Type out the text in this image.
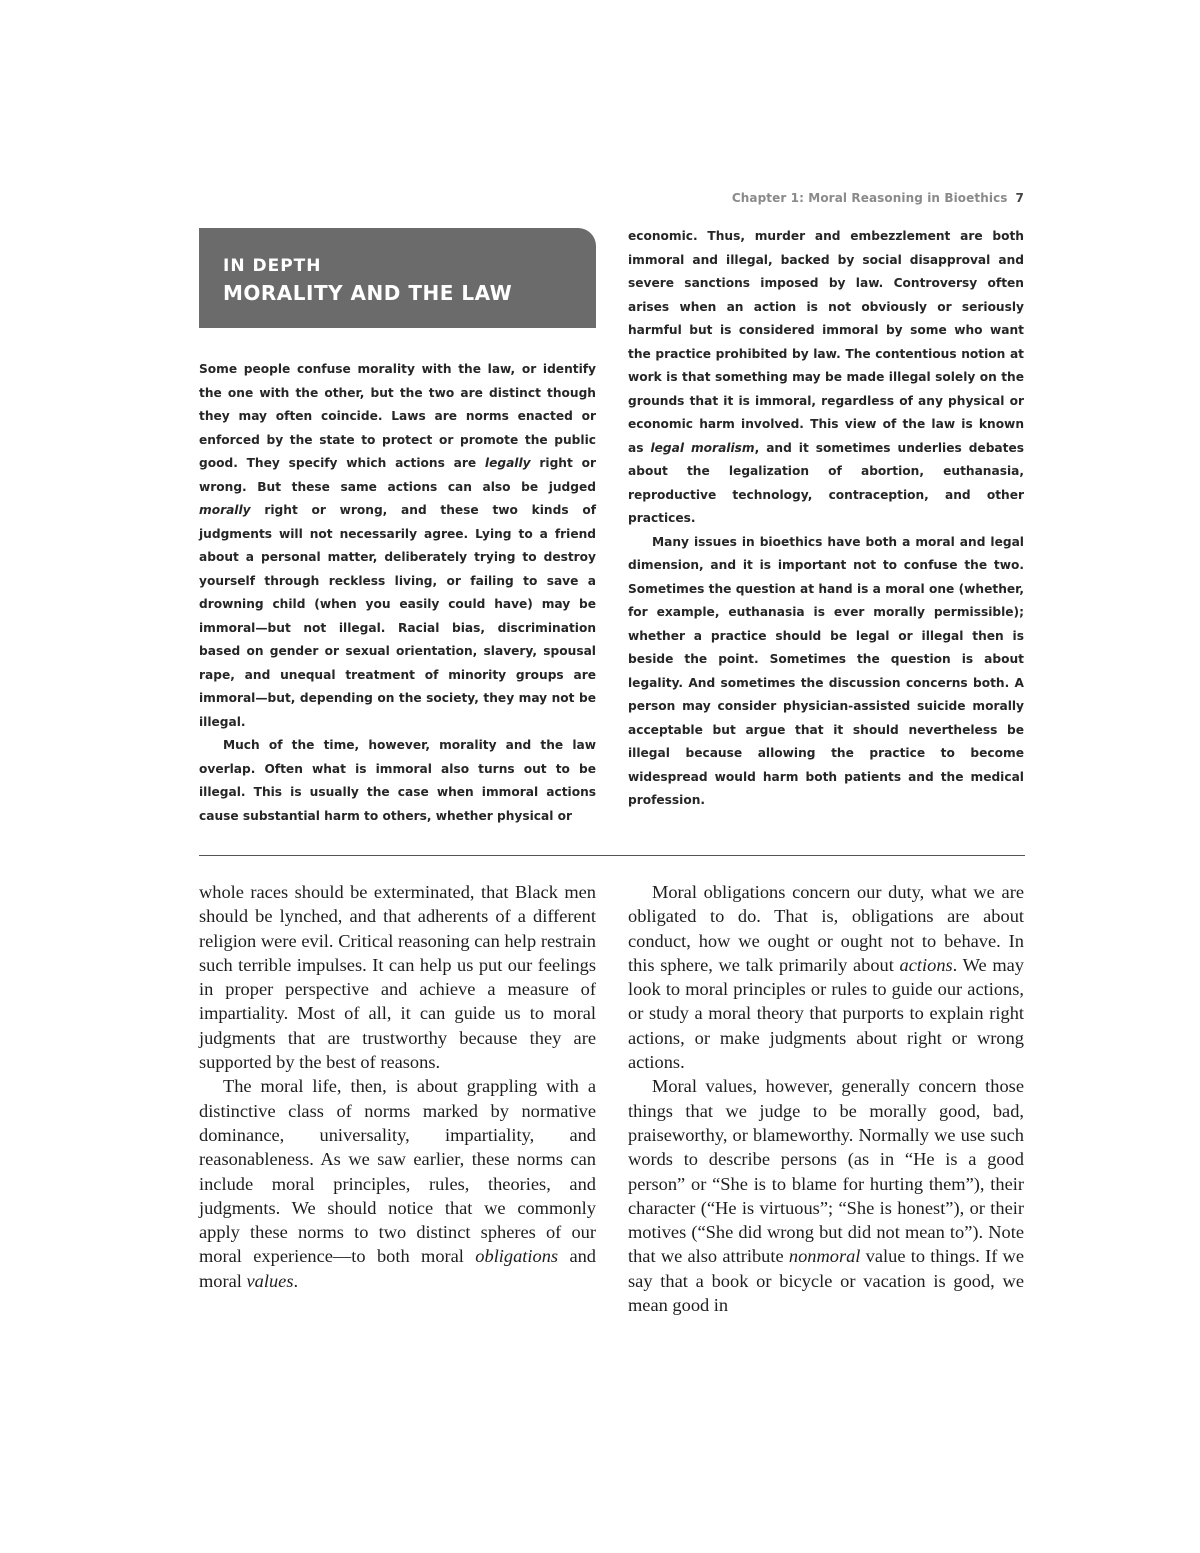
Chapter 1: Moral Reasoning in Bioethics 7
IN DEPTH
MORALITY AND THE LAW

Some people confuse morality with the law, or identify the one with the other, but the two are distinct though they may often coincide. Laws are norms enacted or enforced by the state to protect or promote the public good. They specify which actions are legally right or wrong. But these same actions can also be judged morally right or wrong, and these two kinds of judgments will not necessarily agree. Lying to a friend about a personal matter, deliberately trying to destroy yourself through reckless living, or failing to save a drowning child (when you easily could have) may be immoral—but not illegal. Racial bias, discrimination based on gender or sexual orientation, slavery, spousal rape, and unequal treatment of minority groups are immoral—but, depending on the society, they may not be illegal.

Much of the time, however, morality and the law overlap. Often what is immoral also turns out to be illegal. This is usually the case when immoral actions cause substantial harm to others, whether physical or

economic. Thus, murder and embezzlement are both immoral and illegal, backed by social disapproval and severe sanctions imposed by law. Controversy often arises when an action is not obviously or seriously harmful but is considered immoral by some who want the practice prohibited by law. The contentious notion at work is that something may be made illegal solely on the grounds that it is immoral, regardless of any physical or economic harm involved. This view of the law is known as legal moralism, and it sometimes underlies debates about the legalization of abortion, euthanasia, reproductive technology, contraception, and other practices.

Many issues in bioethics have both a moral and legal dimension, and it is important not to confuse the two. Sometimes the question at hand is a moral one (whether, for example, euthanasia is ever morally permissible); whether a practice should be legal or illegal then is beside the point. Sometimes the question is about legality. And sometimes the discussion concerns both. A person may consider physician-assisted suicide morally acceptable but argue that it should nevertheless be illegal because allowing the practice to become widespread would harm both patients and the medical profession.

whole races should be exterminated, that Black men should be lynched, and that adherents of a different religion were evil. Critical reasoning can help restrain such terrible impulses. It can help us put our feelings in proper perspective and achieve a measure of impartiality. Most of all, it can guide us to moral judgments that are trustworthy because they are supported by the best of reasons.

The moral life, then, is about grappling with a distinctive class of norms marked by normative dominance, universality, impartiality, and reasonableness. As we saw earlier, these norms can include moral principles, rules, theories, and judgments. We should notice that we commonly apply these norms to two distinct spheres of our moral experience—to both moral obligations and moral values.

Moral obligations concern our duty, what we are obligated to do. That is, obligations are about conduct, how we ought or ought not to behave. In this sphere, we talk primarily about actions. We may look to moral principles or rules to guide our actions, or study a moral theory that purports to explain right actions, or make judgments about right or wrong actions.

Moral values, however, generally concern those things that we judge to be morally good, bad, praiseworthy, or blameworthy. Normally we use such words to describe persons (as in “He is a good person” or “She is to blame for hurting them”), their character (“He is virtuous”; “She is honest”), or their motives (“She did wrong but did not mean to”). Note that we also attribute nonmoral value to things. If we say that a book or bicycle or vacation is good, we mean good in
